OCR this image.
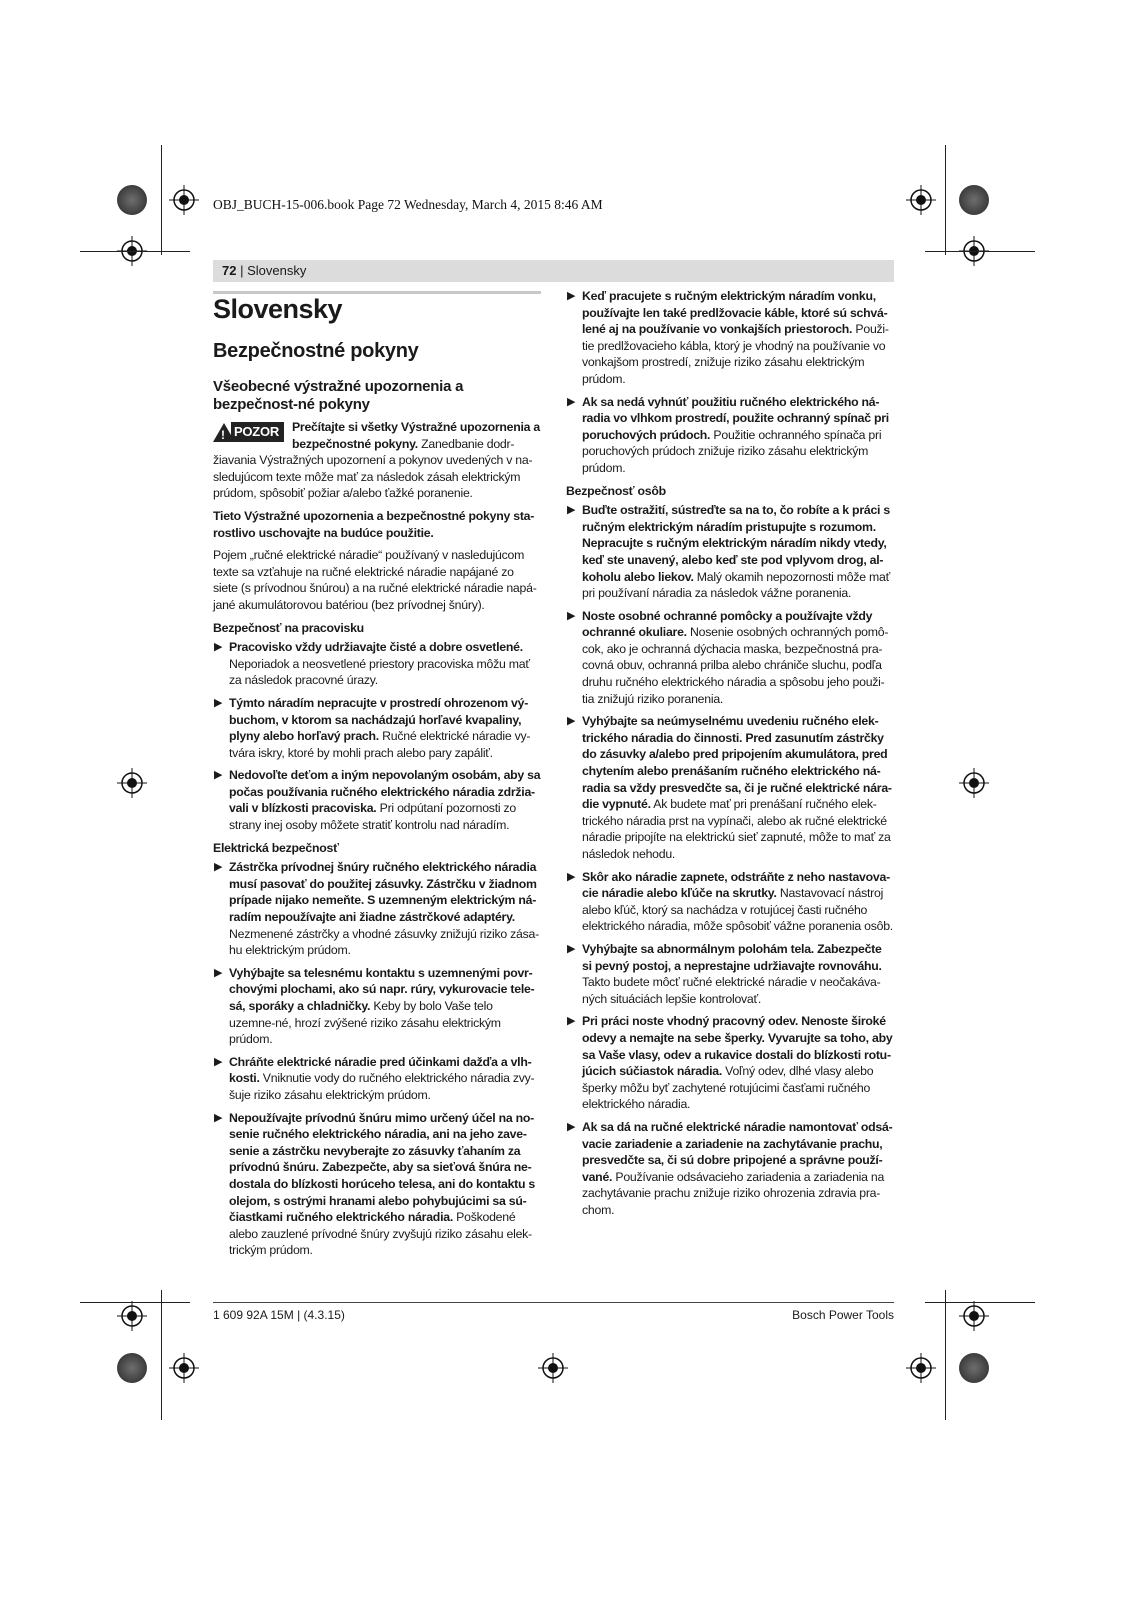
OBJ_BUCH-15-006.book Page 72 Wednesday, March 4, 2015 8:46 AM
72 | Slovensky
Slovensky
Bezpečnostné pokyny
Všeobecné výstražné upozornenia a bezpečnost-né pokyny
!
POZOR	Prečítajte si všetky Výstražné upozornenia a bezpečnostné pokyny. Zanedbanie dodr-žiavania Výstražných upozornení a pokynov uvedených v na-sledujúcom texte môže mať za následok zásah elektrickým prúdom, spôsobiť požiar a/alebo ťažké poranenie.

Tieto Výstražné upozornenia a bezpečnostné pokyny sta-rostlivo uschovajte na budúce použitie.

Pojem „ručné elektrické náradie“ používaný v nasledujúcom texte sa vzťahuje na ručné elektrické náradie napájané zo siete (s prívodnou šnúrou) a na ručné elektrické náradie napá-jané akumulátorovou batériou (bez prívodnej šnúry).

Bezpečnosť na pracovisku

▶ Pracovisko vždy udržiavajte čisté a dobre osvetlené. Neporiadok a neosvetlené priestory pracoviska môžu mať za následok pracovné úrazy.
▶ Týmto náradím nepracujte v prostredí ohrozenom vý-buchom, v ktorom sa nachádzajú horľavé kvapaliny, plyny alebo horľavý prach. Ručné elektrické náradie vy-tvára iskry, ktoré by mohli prach alebo pary zapáliť.
▶ Nedovoľte deťom a iným nepovolaným osobám, aby sa počas používania ručného elektrického náradia zdržia-vali v blízkosti pracoviska. Pri odpútaní pozornosti zo strany inej osoby môžete stratiť kontrolu nad náradím.

Elektrická bezpečnosť

▶ Zástrčka prívodnej šnúry ručného elektrického náradia musí pasovať do použitej zásuvky. Zástrčku v žiadnom prípade nijako nemeňte. S uzemneným elektrickým ná-radím nepoužívajte ani žiadne zástrčkové adaptéry. Nezmenené zástrčky a vhodné zásuvky znižujú riziko zása-hu elektrickým prúdom.
▶ Vyhýbajte sa telesnému kontaktu s uzemnenými povr-chovými plochami, ako sú napr. rúry, vykurovacie tele-sá, sporáky a chladničky. Keby by bolo Vaše telo uzemne-né, hrozí zvýšené riziko zásahu elektrickým prúdom.
▶ Chráňte elektrické náradie pred účinkami dažďa a vlh-kosti. Vniknutie vody do ručného elektrického náradia zvy-šuje riziko zásahu elektrickým prúdom.
▶ Nepoužívajte prívodnú šnúru mimo určený účel na no-senie ručného elektrického náradia, ani na jeho zave-senie a zástrčku nevyberajte zo zásuvky ťahaním za prívodnú šnúru. Zabezpečte, aby sa sieťová šnúra ne-dostala do blízkosti horúceho telesa, ani do kontaktu s olejom, s ostrými hranami alebo pohybujúcimi sa sú-čiastkami ručného elektrického náradia. Poškodené alebo zauzlené prívodné šnúry zvyšujú riziko zásahu elek-trickým prúdom.
▶ Keď pracujete s ručným elektrickým náradím vonku, používajte len také predlžovacie káble, ktoré sú schvá-lené aj na používanie vo vonkajších priestoroch. Použi-tie predlžovacieho kábla, ktorý je vhodný na používanie vo vonkajšom prostredí, znižuje riziko zásahu elektrickým prúdom.
▶ Ak sa nedá vyhnúť použitiu ručného elektrického ná-radia vo vlhkom prostredí, použite ochranný spínač pri poruchových prúdoch. Použitie ochranného spínača pri poruchových prúdoch znižuje riziko zásahu elektrickým prúdom.

Bezpečnosť osôb

▶ Buďte ostražití, sústreďte sa na to, čo robíte a k práci s ručným elektrickým náradím pristupujte s rozumom. Nepracujte s ručným elektrickým náradím nikdy vtedy, keď ste unavený, alebo keď ste pod vplyvom drog, al-koholu alebo liekov. Malý okamih nepozornosti môže mať pri používaní náradia za následok vážne poranenia.
▶ Noste osobné ochranné pomôcky a používajte vždy ochranné okuliare. Nosenie osobných ochranných pomô-cok, ako je ochranná dýchacia maska, bezpečnostná pra-covná obuv, ochranná prilba alebo chrániče sluchu, podľa druhu ručného elektrického náradia a spôsobu jeho použi-tia znižujú riziko poranenia.
▶ Vyhýbajte sa neúmyselnému uvedeniu ručného elek-trického náradia do činnosti. Pred zasunutím zástrčky do zásuvky a/alebo pred pripojením akumulátora, pred chytením alebo prenášaním ručného elektrického ná-radia sa vždy presvedčte sa, či je ručné elektrické nára-die vypnuté. Ak budete mať pri prenášaní ručného elek-trického náradia prst na vypínači, alebo ak ručné elektrické náradie pripojíte na elektrickú sieť zapnuté, môže to mať za následok nehodu.
▶ Skôr ako náradie zapnete, odstráňte z neho nastavova-cie náradie alebo kľúče na skrutky. Nastavovací nástroj alebo kľúč, ktorý sa nachádza v rotujúcej časti ručného elektrického náradia, môže spôsobiť vážne poranenia osôb.
▶ Vyhýbajte sa abnormálnym polohám tela. Zabezpečte si pevný postoj, a neprestajne udržiavajte rovnováhu. Takto budete môcť ručné elektrické náradie v neočakáva-ných situáciách lepšie kontrolovať.
▶ Pri práci noste vhodný pracovný odev. Nenoste široké odevy a nemajte na sebe šperky. Vyvarujte sa toho, aby sa Vaše vlasy, odev a rukavice dostali do blízkosti rotu-júcich súčiastok náradia. Voľný odev, dlhé vlasy alebo šperky môžu byť zachytené rotujúcimi časťami ručného elektrického náradia.
▶ Ak sa dá na ručné elektrické náradie namontovať odsá-vacie zariadenie a zariadenie na zachytávanie prachu, presvedčte sa, či sú dobre pripojené a správne použí-vané. Používanie odsávacieho zariadenia a zariadenia na zachytávanie prachu znižuje riziko ohrozenia zdravia pra-chom.
1 609 92A 15M | (4.3.15)	Bosch Power Tools
